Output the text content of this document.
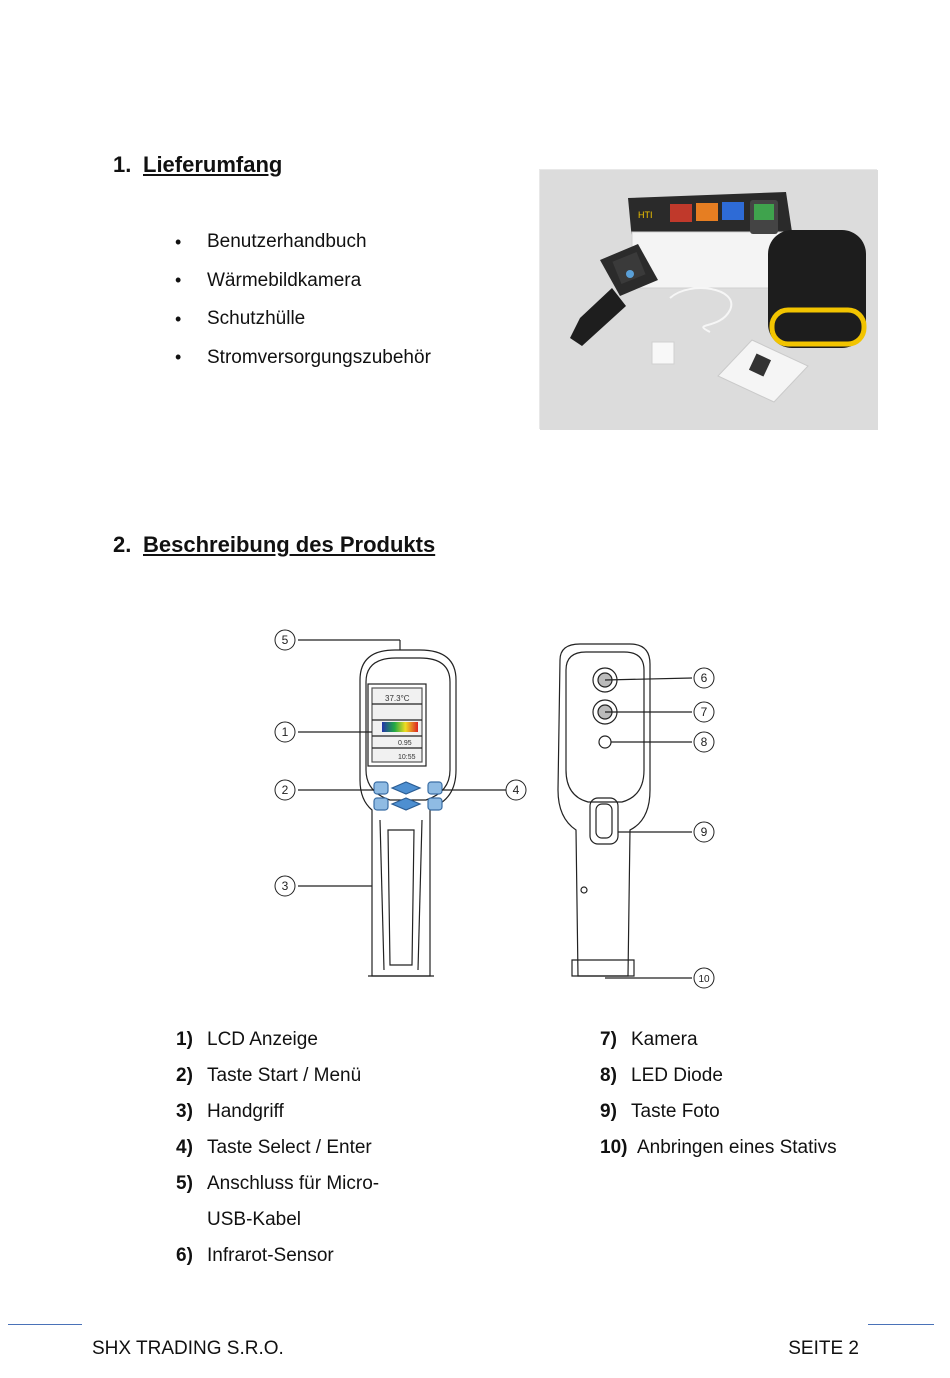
1. Lieferumfang
•	Benutzerhandbuch
•	Wärmebildkamera
•	Schutzhülle
•	Stromversorgungszubehör
HTI
2. Beschreibung des Produkts
37.3°C
0.95
10:55
5
1
2
3
4
6
7
8
9
10
1) LCD Anzeige
2) Taste Start / Menü
3) Handgriff
4) Taste Select / Enter
5) Anschluss für Micro-
USB-Kabel
6) Infrarot-Sensor
7) Kamera
8) LED Diode
9) Taste Foto
10) Anbringen eines Stativs
SHX TRADING S.R.O.	SEITE 2
